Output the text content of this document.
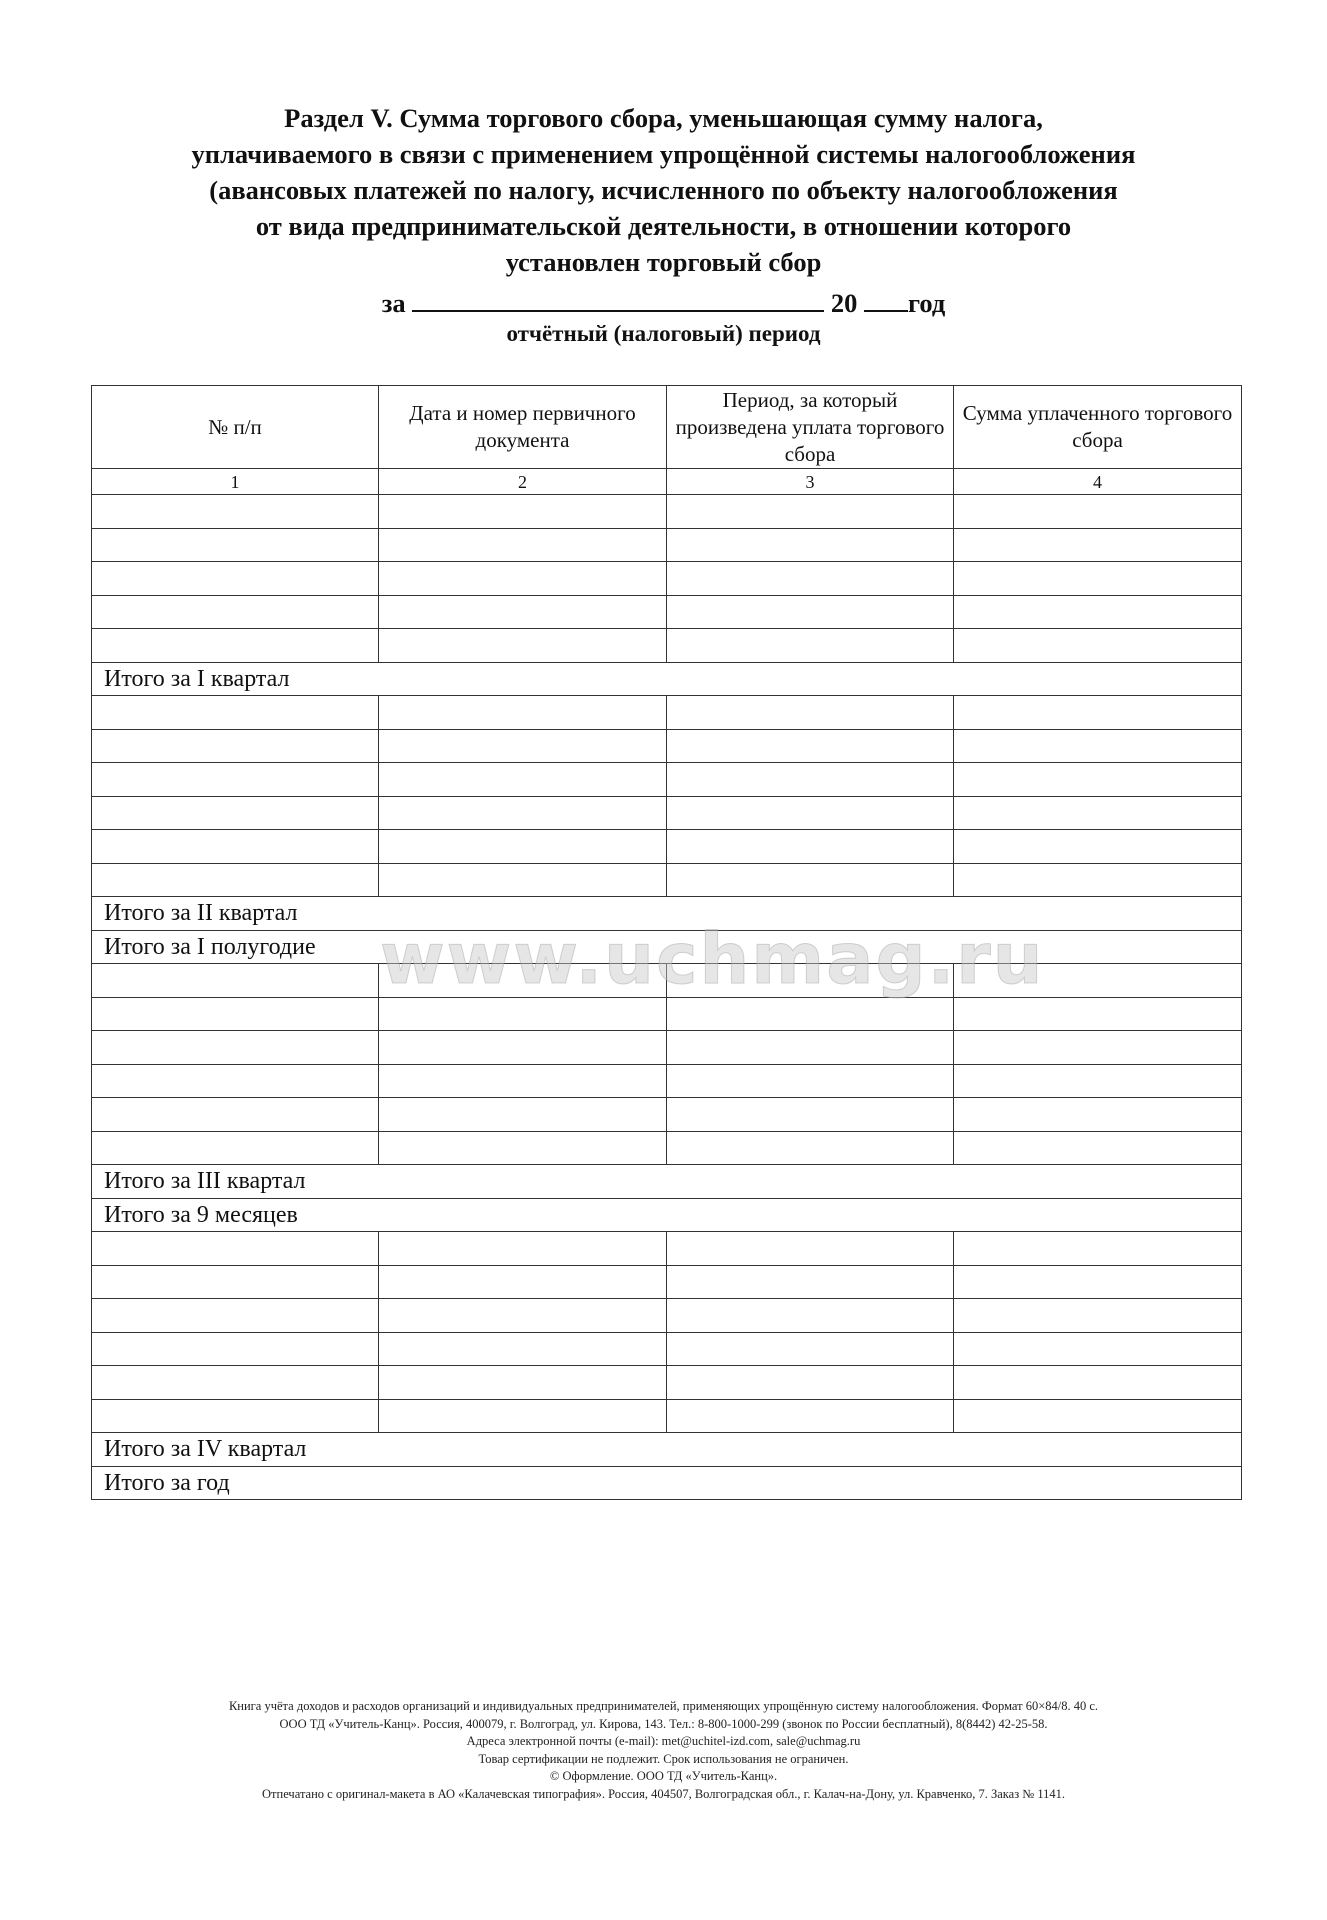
Раздел V. Сумма торгового сбора, уменьшающая сумму налога,
уплачиваемого в связи с применением упрощённой системы налогообложения
(авансовых платежей по налогу, исчисленного по объекту налогообложения
от вида предпринимательской деятельности, в отношении которого
установлен торговый сбор
за	20 год
отчётный (налоговый) период
№ п/п	Дата и номер первичного документа	Период, за который произведена уплата торгового сбора	Сумма уплаченного торгового сбора
1	2	3	4

Итого за I квартал			

Итого за II квартал			
Итого за I полугодие			

Итого за III квартал			
Итого за 9 месяцев			

Итого за IV квартал			
Итого за год			
www.uchmag.ru
Книга учёта доходов и расходов организаций и индивидуальных предпринимателей, применяющих упрощённую систему налогообложения. Формат 60×84/8. 40 с.
ООО ТД «Учитель-Канц». Россия, 400079, г. Волгоград, ул. Кирова, 143. Тел.: 8-800-1000-299 (звонок по России бесплатный), 8(8442) 42-25-58.
Адреса электронной почты (e-mail): met@uchitel-izd.com, sale@uchmag.ru
Товар сертификации не подлежит. Срок использования не ограничен.
© Оформление. ООО ТД «Учитель-Канц».
Отпечатано с оригинал-макета в АО «Калачевская типография». Россия, 404507, Волгоградская обл., г. Калач-на-Дону, ул. Кравченко, 7. Заказ № 1141.
